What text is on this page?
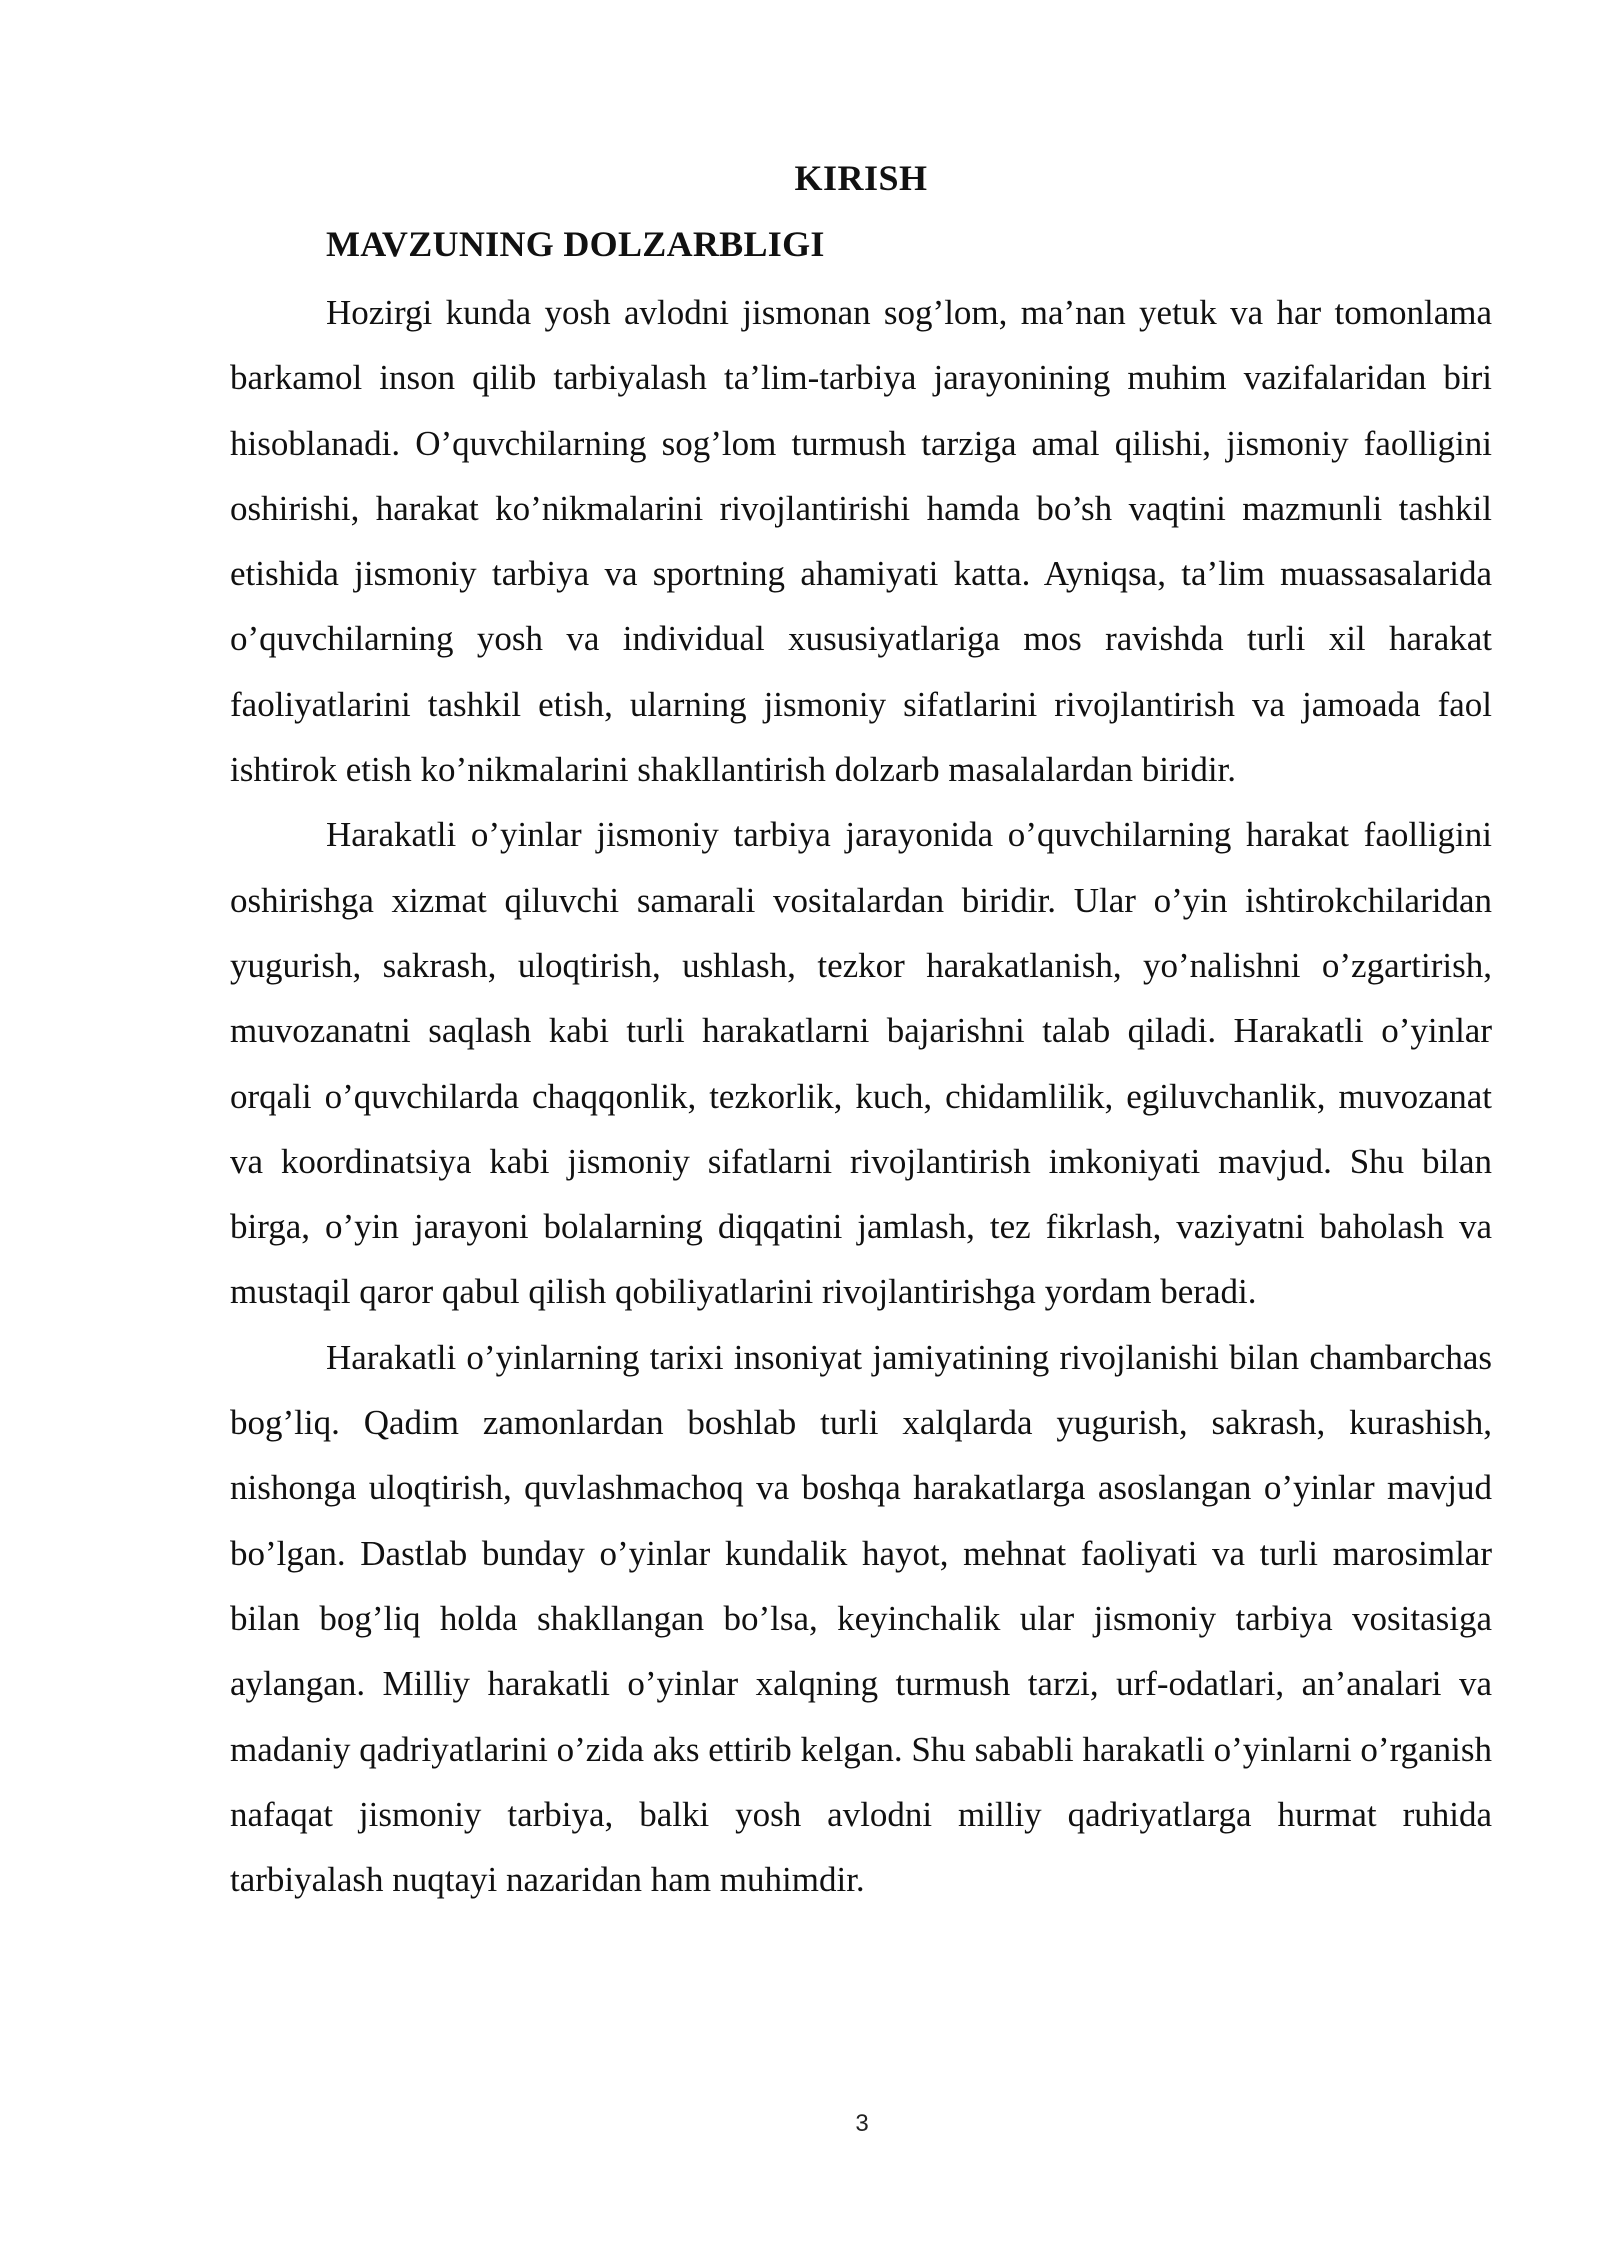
KIRISH
MAVZUNING DOLZARBLIGI

Hozirgi kunda yosh avlodni jismonan sog’lom, ma’nan yetuk va har tomonlama barkamol inson qilib tarbiyalash ta’lim-tarbiya jarayonining muhim vazifalaridan biri hisoblanadi. O’quvchilarning sog’lom turmush tarziga amal qilishi, jismoniy faolligini oshirishi, harakat ko’nikmalarini rivojlantirishi hamda bo’sh vaqtini mazmunli tashkil etishida jismoniy tarbiya va sportning ahamiyati katta. Ayniqsa, ta’lim muassasalarida o’quvchilarning yosh va individual xususiyatlariga mos ravishda turli xil harakat faoliyatlarini tashkil etish, ularning jismoniy sifatlarini rivojlantirish va jamoada faol ishtirok etish ko’nikmalarini shakllantirish dolzarb masalalardan biridir.

Harakatli o’yinlar jismoniy tarbiya jarayonida o’quvchilarning harakat faolligini oshirishga xizmat qiluvchi samarali vositalardan biridir. Ular o’yin ishtirokchilaridan yugurish, sakrash, uloqtirish, ushlash, tezkor harakatlanish, yo’nalishni o’zgartirish, muvozanatni saqlash kabi turli harakatlarni bajarishni talab qiladi. Harakatli o’yinlar orqali o’quvchilarda chaqqonlik, tezkorlik, kuch, chidamlilik, egiluvchanlik, muvozanat va koordinatsiya kabi jismoniy sifatlarni rivojlantirish imkoniyati mavjud. Shu bilan birga, o’yin jarayoni bolalarning diqqatini jamlash, tez fikrlash, vaziyatni baholash va mustaqil qaror qabul qilish qobiliyatlarini rivojlantirishga yordam beradi.

Harakatli o’yinlarning tarixi insoniyat jamiyatining rivojlanishi bilan chambarchas bog’liq. Qadim zamonlardan boshlab turli xalqlarda yugurish, sakrash, kurashish, nishonga uloqtirish, quvlashmachoq va boshqa harakatlarga asoslangan o’yinlar mavjud bo’lgan. Dastlab bunday o’yinlar kundalik hayot, mehnat faoliyati va turli marosimlar bilan bog’liq holda shakllangan bo’lsa, keyinchalik ular jismoniy tarbiya vositasiga aylangan. Milliy harakatli o’yinlar xalqning turmush tarzi, urf-odatlari, an’analari va madaniy qadriyatlarini o’zida aks ettirib kelgan. Shu sababli harakatli o’yinlarni o’rganish nafaqat jismoniy tarbiya, balki yosh avlodni milliy qadriyatlarga hurmat ruhida tarbiyalash nuqtayi nazaridan ham muhimdir.

3
